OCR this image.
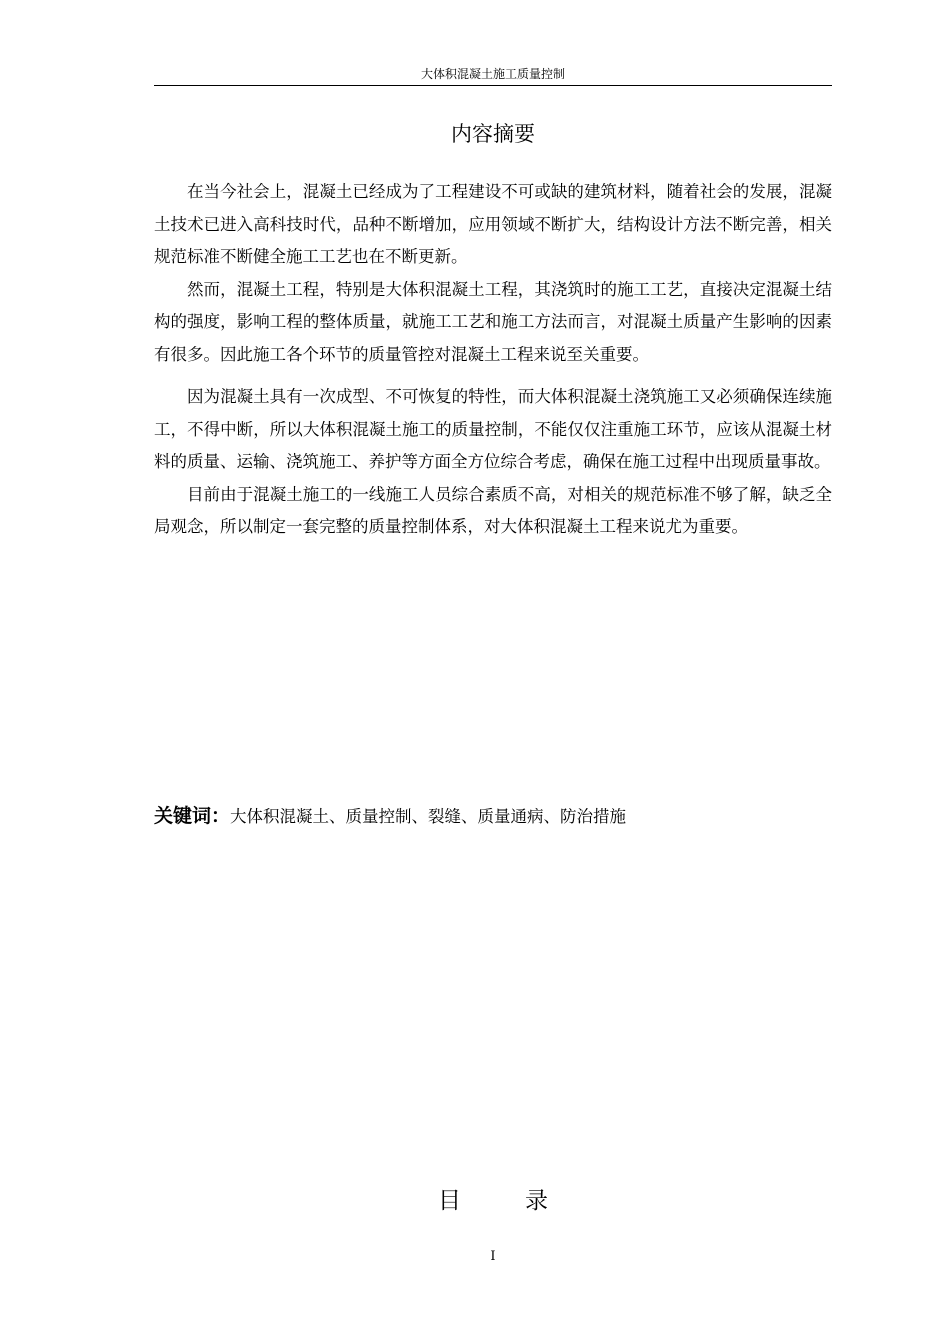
大体积混凝土施工质量控制
内容摘要

在当今社会上，混凝土已经成为了工程建设不可或缺的建筑材料，随着社会的发展，混凝土技术已进入高科技时代，品种不断增加，应用领域不断扩大，结构设计方法不断完善，相关规范标准不断健全施工工艺也在不断更新。

然而，混凝土工程，特别是大体积混凝土工程，其浇筑时的施工工艺，直接决定混凝土结构的强度，影响工程的整体质量，就施工工艺和施工方法而言，对混凝土质量产生影响的因素有很多。因此施工各个环节的质量管控对混凝土工程来说至关重要。

因为混凝土具有一次成型、不可恢复的特性，而大体积混凝土浇筑施工又必须确保连续施工，不得中断，所以大体积混凝土施工的质量控制，不能仅仅注重施工环节，应该从混凝土材料的质量、运输、浇筑施工、养护等方面全方位综合考虑，确保在施工过程中出现质量事故。

目前由于混凝土施工的一线施工人员综合素质不高，对相关的规范标准不够了解，缺乏全局观念，所以制定一套完整的质量控制体系，对大体积混凝土工程来说尤为重要。

关键词：大体积混凝土、质量控制、裂缝、质量通病、防治措施
目录
I
